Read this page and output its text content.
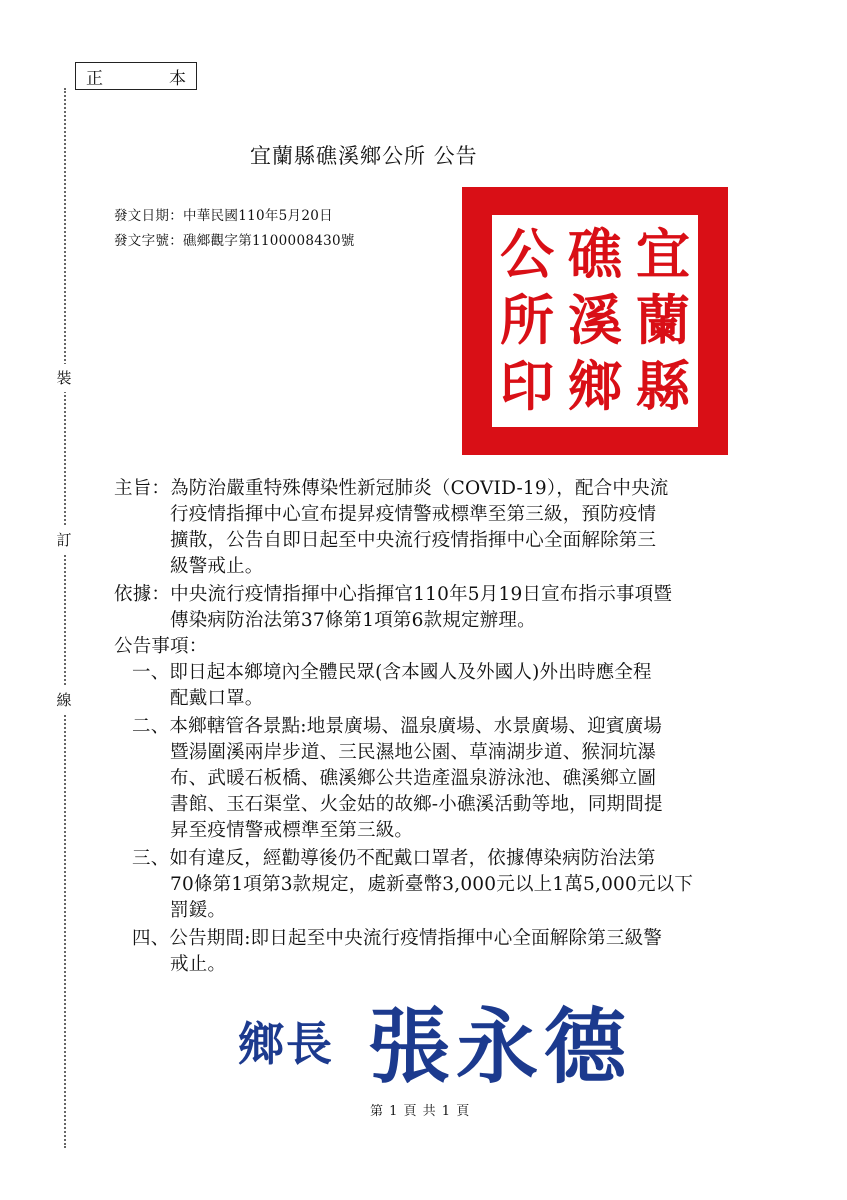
正	本
裝
訂
線
宜蘭縣礁溪鄉公所 公告
發文日期：中華民國110年5月20日
發文字號：礁鄉觀字第1100008430號	宜
蘭
縣
礁
溪
鄉
公
所
印
主旨：為防治嚴重特殊傳染性新冠肺炎（COVID-19），配合中央流
行疫情指揮中心宣布提昇疫情警戒標準至第三級，預防疫情
擴散，公告自即日起至中央流行疫情指揮中心全面解除第三
級警戒止。
依據：中央流行疫情指揮中心指揮官110年5月19日宣布指示事項暨
傳染病防治法第37條第1項第6款規定辦理。
公告事項：
一、即日起本鄉境內全體民眾(含本國人及外國人)外出時應全程
配戴口罩。
二、本鄉轄管各景點:地景廣場、溫泉廣場、水景廣場、迎賓廣場
暨湯圍溪兩岸步道、三民濕地公園、草湳湖步道、猴洞坑瀑
布、武暖石板橋、礁溪鄉公共造產溫泉游泳池、礁溪鄉立圖
書館、玉石渠堂、火金姑的故鄉-小礁溪活動等地，同期間提
昇至疫情警戒標準至第三級。
三、如有違反，經勸導後仍不配戴口罩者，依據傳染病防治法第
70條第1項第3款規定，處新臺幣3,000元以上1萬5,000元以下
罰鍰。
四、公告期間:即日起至中央流行疫情指揮中心全面解除第三級警
戒止。
鄉長 張永德
第 1 頁 共 1 頁
